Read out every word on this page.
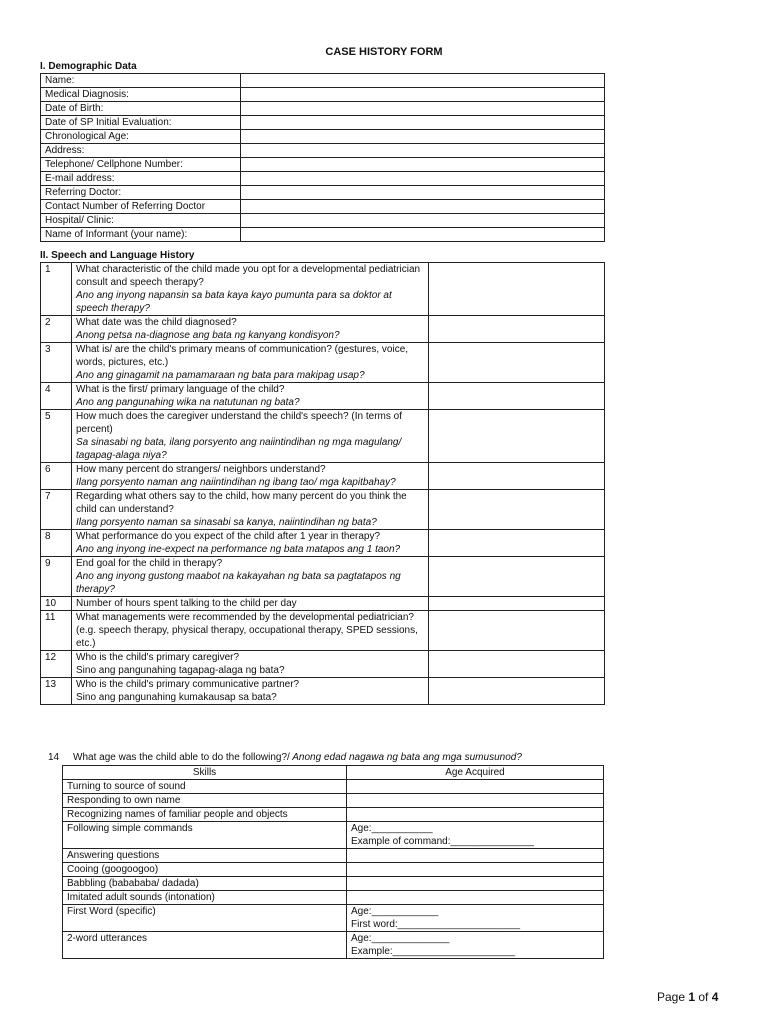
CASE HISTORY FORM
I. Demographic Data
Name:	
Medical Diagnosis:	
Date of Birth:	
Date of SP Initial Evaluation:	
Chronological Age:	
Address:	
Telephone/ Cellphone Number:	
E-mail address:	
Referring Doctor:	
Contact Number of Referring Doctor	
Hospital/ Clinic:	
Name of Informant (your name):	
II. Speech and Language History
1	What characteristic of the child made you opt for a developmental pediatrician consult and speech therapy?
Ano ang inyong napansin sa bata kaya kayo pumunta para sa doktor at speech therapy?	

2	What date was the child diagnosed?
Anong petsa na-diagnose ang bata ng kanyang kondisyon?	

3	What is/ are the child's primary means of communication? (gestures, voice, words, pictures, etc.)
Ano ang ginagamit na pamamaraan ng bata para makipag usap?	

4	What is the first/ primary language of the child?
Ano ang pangunahing wika na natutunan ng bata?	

5	How much does the caregiver understand the child's speech? (In terms of percent)
Sa sinasabi ng bata, ilang porsyento ang naiintindihan ng mga magulang/ tagapag-alaga niya?	

6	How many percent do strangers/ neighbors understand?
Ilang porsyento naman ang naiintindihan ng ibang tao/ mga kapitbahay?	

7	Regarding what others say to the child, how many percent do you think the child can understand?
Ilang porsyento naman sa sinasabi sa kanya, naiintindihan ng bata?	

8	What performance do you expect of the child after 1 year in therapy?
Ano ang inyong ine-expect na performance ng bata matapos ang 1 taon?	

9	End goal for the child in therapy?
Ano ang inyong gustong maabot na kakayahan ng bata sa pagtatapos ng therapy?	

10	Number of hours spent talking to the child per day	

11	What managements were recommended by the developmental pediatrician? (e.g. speech therapy, physical therapy, occupational therapy, SPED sessions, etc.)	

12	Who is the child's primary caregiver?
Sino ang pangunahing tagapag-alaga ng bata?	

13	Who is the child's primary communicative partner?
Sino ang pangunahing kumakausap sa bata?	

14 What age was the child able to do the following?/ Anong edad nagawa ng bata ang mga sumusunod?
Skills	Age Acquired
Turning to source of sound	
Responding to own name	
Recognizing names of familiar people and objects	
Following simple commands	Age:___________
Example of command:_______________

Answering questions	
Cooing (googoogoo)	
Babbling (babababa/ dadada)	
Imitated adult sounds (intonation)	
First Word (specific)	Age:____________
First word:______________________

2-word utterances	Age:______________
Example:______________________
Page 1 of 4
